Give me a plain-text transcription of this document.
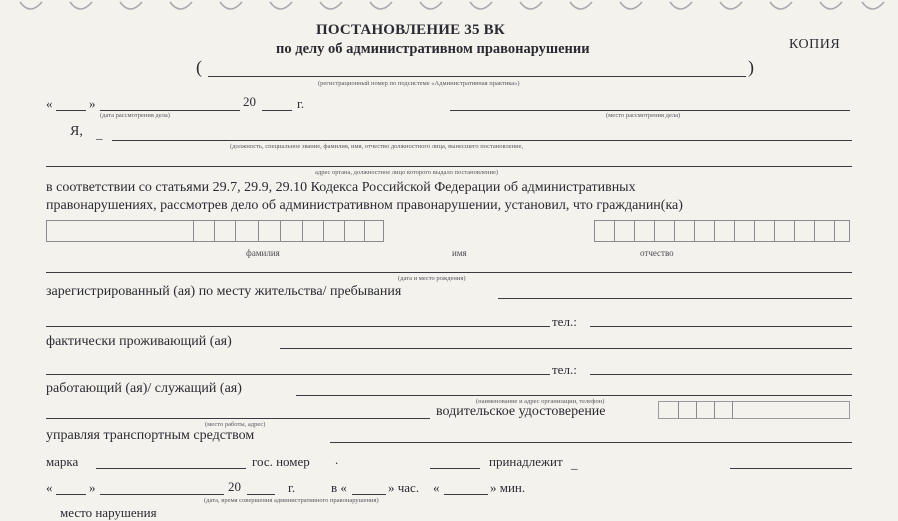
ПОСТАНОВЛЕНИЕ 35 ВК
по делу об административном правонарушении	КОПИЯ
(	)
(регистрационный номер по подсистеме «Административная практика»)
«	»	20	г.
(дата рассмотрения дела)	(место рассмотрения дела)
Я, _
(должность, специальное звание, фамилия, имя, отчество должностного лица, вынесшего постановление,
адрес органа, должностное лицо которого выдало постановление)
в соответствии со статьями 29.7, 29.9, 29.10 Кодекса Российской Федерации об административных
правонарушениях, рассмотрев дело об административном правонарушении, установил, что гражданин(ка)
фамилия	имя	отчество
(дата и место рождения)
зарегистрированный (ая) по месту жительства/ пребывания
тел.:
фактически проживающий (ая)
тел.:
работающий (ая)/ служащий (ая)
(наименование и адрес организации, телефон)
водительское удостоверение
(место работы, адрес)
управляя транспортным средством
марка	гос. номер .	принадлежит _
«	»	20	г.	в «	» час. «	» мин.
(дата, время совершения административного правонарушения)
место нарушения
